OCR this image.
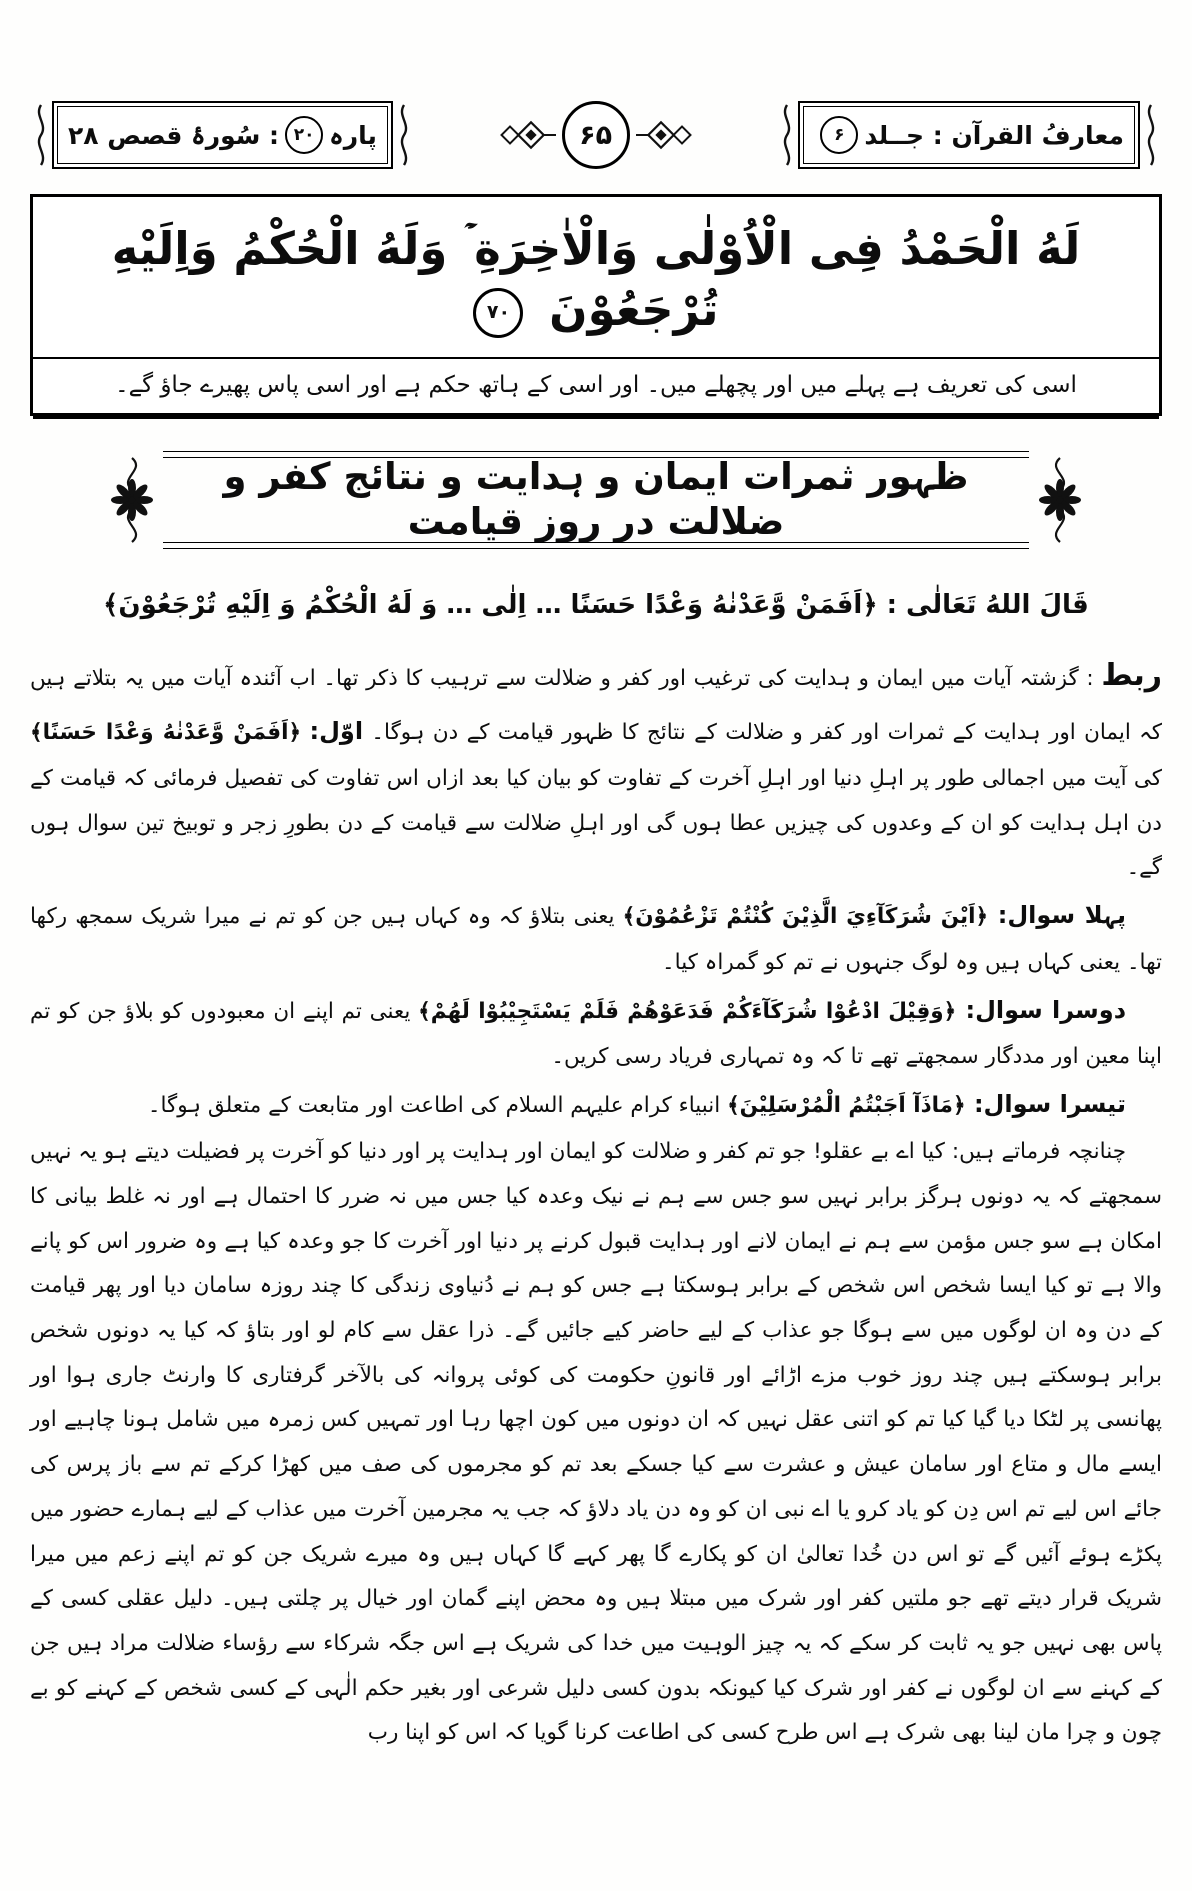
معارفُ القرآن : جــلد
۶
۶۵
پارہ
۲۰
: سُورۂ قصص ۲۸
لَهُ الْحَمْدُ فِى الْاُوْلٰى وَالْاٰخِرَةِ ۡ وَلَهُ الْحُكْمُ وَاِلَيْهِ تُرْجَعُوْنَ ۷۰
اسی کی تعریف ہے پہلے میں اور پچھلے میں۔ اور اسی کے ہاتھ حکم ہے اور اسی پاس پھیرے جاؤ گے۔
ظہور ثمرات ایمان و ہدایت و نتائج کفر و ضلالت در روز قیامت
قَالَ اللهُ تَعَالٰى : ﴿اَفَمَنْ وَّعَدْنٰهُ وَعْدًا حَسَنًا … اِلٰى … وَ لَهُ الْحُكْمُ وَ اِلَيْهِ تُرْجَعُوْنَ﴾

ربط : گزشتہ آیات میں ایمان و ہدایت کی ترغیب اور کفر و ضلالت سے ترہیب کا ذکر تھا۔ اب آئندہ آیات میں یہ بتلاتے ہیں کہ ایمان اور ہدایت کے ثمرات اور کفر و ضلالت کے نتائج کا ظہور قیامت کے دن ہوگا۔ اوّل: ﴿اَفَمَنْ وَّعَدْنٰهُ وَعْدًا حَسَنًا﴾ کی آیت میں اجمالی طور پر اہلِ دنیا اور اہلِ آخرت کے تفاوت کو بیان کیا بعد ازاں اس تفاوت کی تفصیل فرمائی کہ قیامت کے دن اہل ہدایت کو ان کے وعدوں کی چیزیں عطا ہوں گی اور اہلِ ضلالت سے قیامت کے دن بطورِ زجر و توبیخ تین سوال ہوں گے۔

پہلا سوال: ﴿اَيْنَ شُرَكَآءِيَ الَّذِيْنَ كُنْتُمْ تَزْعُمُوْنَ﴾ یعنی بتلاؤ کہ وہ کہاں ہیں جن کو تم نے میرا شریک سمجھ رکھا تھا۔ یعنی کہاں ہیں وہ لوگ جنہوں نے تم کو گمراہ کیا۔

دوسرا سوال: ﴿وَقِيْلَ ادْعُوْا شُرَكَآءَكُمْ فَدَعَوْهُمْ فَلَمْ يَسْتَجِيْبُوْا لَهُمْ﴾ یعنی تم اپنے ان معبودوں کو بلاؤ جن کو تم اپنا معین اور مددگار سمجھتے تھے تا کہ وہ تمہاری فریاد رسی کریں۔

تیسرا سوال: ﴿مَاذَآ اَجَبْتُمُ الْمُرْسَلِيْنَ﴾ انبیاء کرام علیہم السلام کی اطاعت اور متابعت کے متعلق ہوگا۔

چنانچہ فرماتے ہیں: کیا اے بے عقلو! جو تم کفر و ضلالت کو ایمان اور ہدایت پر اور دنیا کو آخرت پر فضیلت دیتے ہو یہ نہیں سمجھتے کہ یہ دونوں ہرگز برابر نہیں سو جس سے ہم نے نیک وعدہ کیا جس میں نہ ضرر کا احتمال ہے اور نہ غلط بیانی کا امکان ہے سو جس مؤمن سے ہم نے ایمان لانے اور ہدایت قبول کرنے پر دنیا اور آخرت کا جو وعدہ کیا ہے وہ ضرور اس کو پانے والا ہے تو کیا ایسا شخص اس شخص کے برابر ہوسکتا ہے جس کو ہم نے دُنیاوی زندگی کا چند روزہ سامان دیا اور پھر قیامت کے دن وہ ان لوگوں میں سے ہوگا جو عذاب کے لیے حاضر کیے جائیں گے۔ ذرا عقل سے کام لو اور بتاؤ کہ کیا یہ دونوں شخص برابر ہوسکتے ہیں چند روز خوب مزے اڑائے اور قانونِ حکومت کی کوئی پروانہ کی بالآخر گرفتاری کا وارنٹ جاری ہوا اور پھانسی پر لٹکا دیا گیا کیا تم کو اتنی عقل نہیں کہ ان دونوں میں کون اچھا رہا اور تمہیں کس زمرہ میں شامل ہونا چاہیے اور ایسے مال و متاع اور سامان عیش و عشرت سے کیا جسکے بعد تم کو مجرموں کی صف میں کھڑا کرکے تم سے باز پرس کی جائے اس لیے تم اس دِن کو یاد کرو یا اے نبی ان کو وہ دن یاد دلاؤ کہ جب یہ مجرمین آخرت میں عذاب کے لیے ہمارے حضور میں پکڑے ہوئے آئیں گے تو اس دن خُدا تعالیٰ ان کو پکارے گا پھر کہے گا کہاں ہیں وہ میرے شریک جن کو تم اپنے زعم میں میرا شریک قرار دیتے تھے جو ملتیں کفر اور شرک میں مبتلا ہیں وہ محض اپنے گمان اور خیال پر چلتی ہیں۔ دلیل عقلی کسی کے پاس بھی نہیں جو یہ ثابت کر سکے کہ یہ چیز الوہیت میں خدا کی شریک ہے اس جگہ شرکاء سے رؤساء ضلالت مراد ہیں جن کے کہنے سے ان لوگوں نے کفر اور شرک کیا کیونکہ بدون کسی دلیل شرعی اور بغیر حکم الٰہی کے کسی شخص کے کہنے کو بے چون و چرا مان لینا بھی شرک ہے اس طرح کسی کی اطاعت کرنا گویا کہ اس کو اپنا رب
